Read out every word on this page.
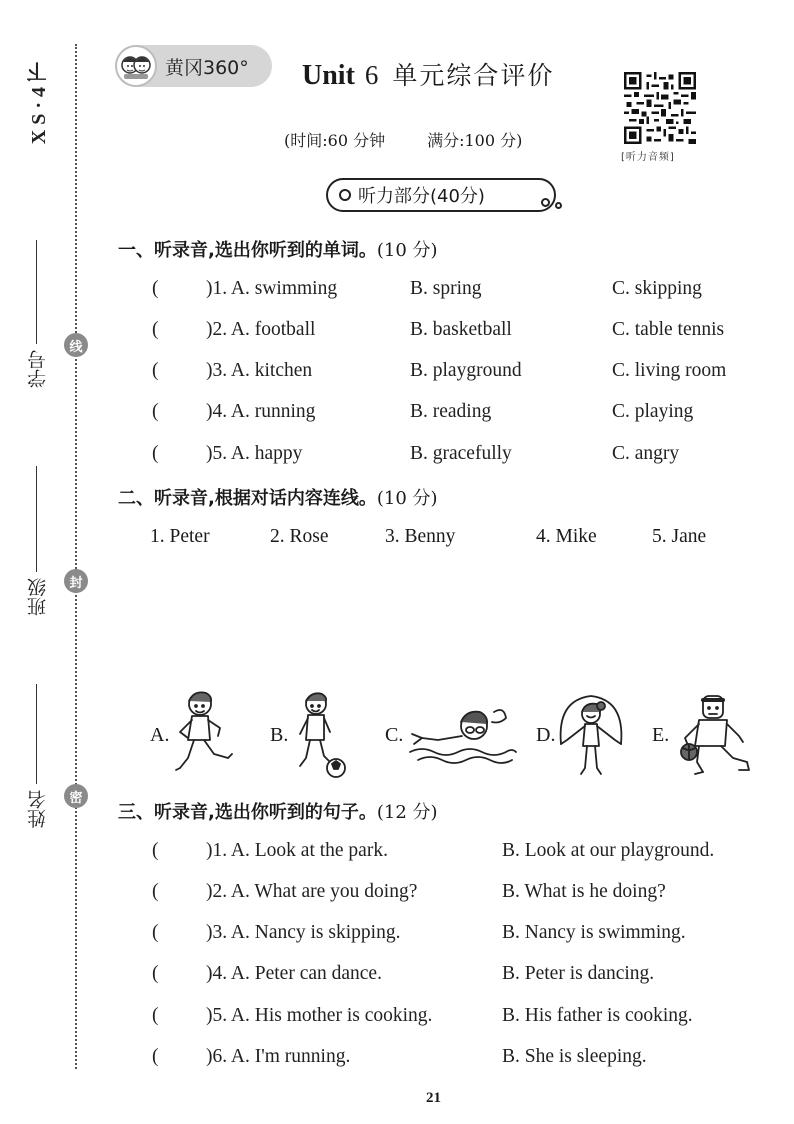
X S · 4 下
学号
班级
姓名
线
封
密
黄冈360° Unit 6 单元综合评价
[听力音频]
(时间:60 分钟	满分:100 分)
听力部分(40分)
一、听录音,选出你听到的单词。(10 分)
( )1. A. swimming	B. spring	C. skipping
( )2. A. football	B. basketball	C. table tennis
( )3. A. kitchen	B. playground	C. living room
( )4. A. running	B. reading	C. playing
( )5. A. happy	B. gracefully	C. angry
二、听录音,根据对话内容连线。(10 分)
1. Peter	2. Rose	3. Benny	4. Mike	5. Jane
A.	B.	C.	D.	E.
三、听录音,选出你听到的句子。(12 分)
( )1. A. Look at the park.	B. Look at our playground.
( )2. A. What are you doing?	B. What is he doing?
( )3. A. Nancy is skipping.	B. Nancy is swimming.
( )4. A. Peter can dance.	B. Peter is dancing.
( )5. A. His mother is cooking.	B. His father is cooking.
( )6. A. I'm running.	B. She is sleeping.
21
